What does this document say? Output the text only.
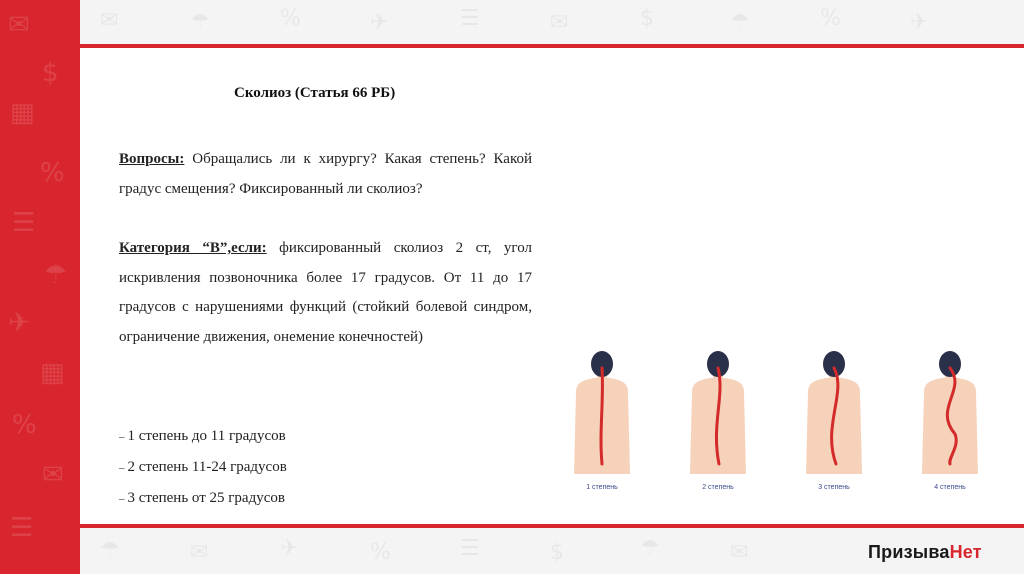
✉
$
▦
%
☰
☂
✈
▦
%
✉
☰
✉	☂	%	✈	☰	✉	$	☂	%	✈
Сколиоз (Статья 66 РБ)
Вопросы: Обращались ли к хирургу? Какая степень? Какой градус смещения? Фиксированный ли сколиоз?
Категория “В”,если: фиксированный сколиоз 2 ст, угол искривления позвоночника более 17 градусов. От 11 до 17 градусов с нарушениями функций (стойкий болевой синдром, ограничение движения, онемение конечностей)
– 1 степень до 11 градусов
– 2 степень 11-24 градусов
– 3 степень от 25 градусов
1 степень	2 степень	3 степень	4 степень
☂	✉	✈	%	☰	$	☂	✉	ПризываНет
